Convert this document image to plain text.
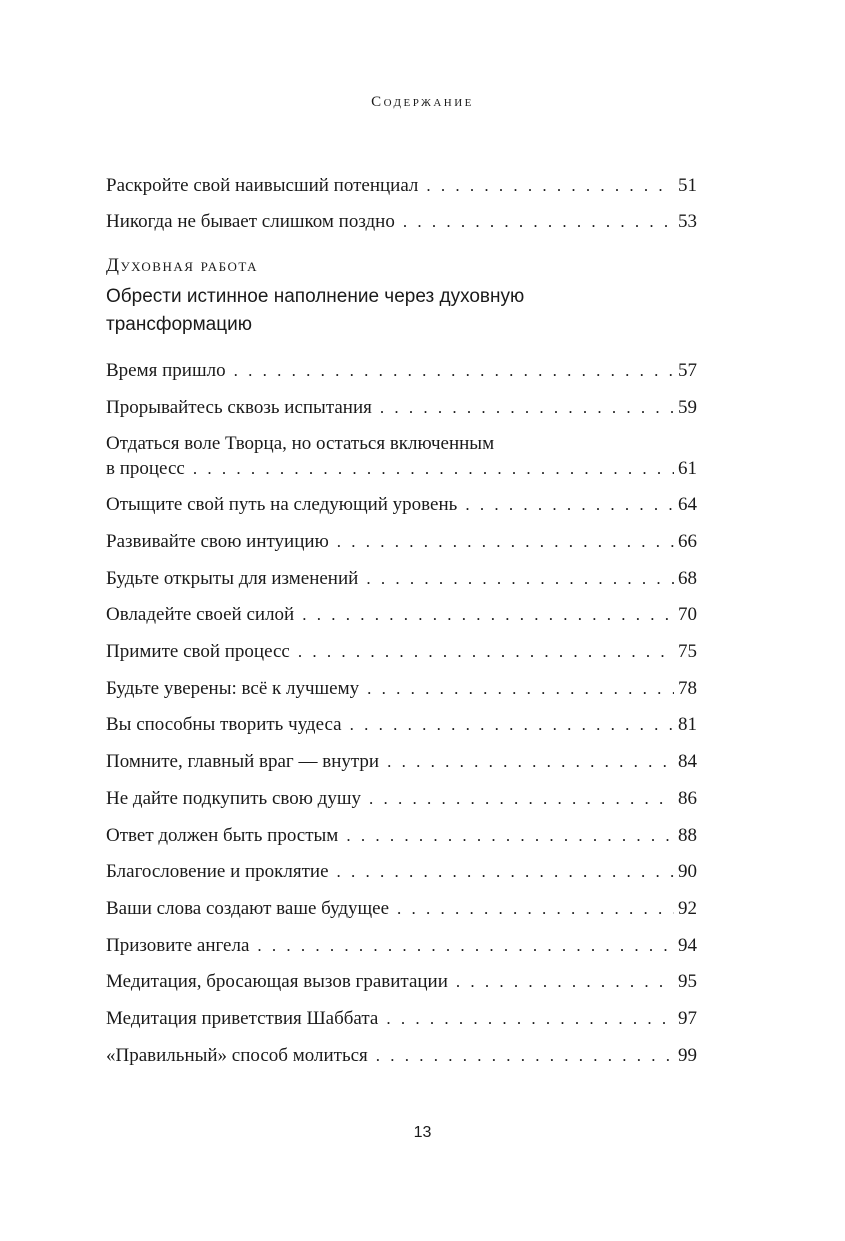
Содержание
Раскройте свой наивысший потенциал . . .	51
Никогда не бывает слишком поздно . . .	53
Духовная работа
Обрести истинное наполнение через духовную трансформацию
Время пришло . . .	57
Прорывайтесь сквозь испытания . . .	59
Отдаться воле Творца, но остаться включенным
в процесс . . .	61
Отыщите свой путь на следующий уровень . . .	64
Развивайте свою интуицию . . .	66
Будьте открыты для изменений . . .	68
Овладейте своей силой . . .	70
Примите свой процесс . . .	75
Будьте уверены: всё к лучшему . . .	78
Вы способны творить чудеса . . .	81
Помните, главный враг — внутри . . .	84
Не дайте подкупить свою душу . . .	86
Ответ должен быть простым . . .	88
Благословение и проклятие . . .	90
Ваши слова создают ваше будущее . . .	92
Призовите ангела . . .	94
Медитация, бросающая вызов гравитации . . .	95
Медитация приветствия Шаббата . . .	97
«Правильный» способ молиться . . .	99
13
